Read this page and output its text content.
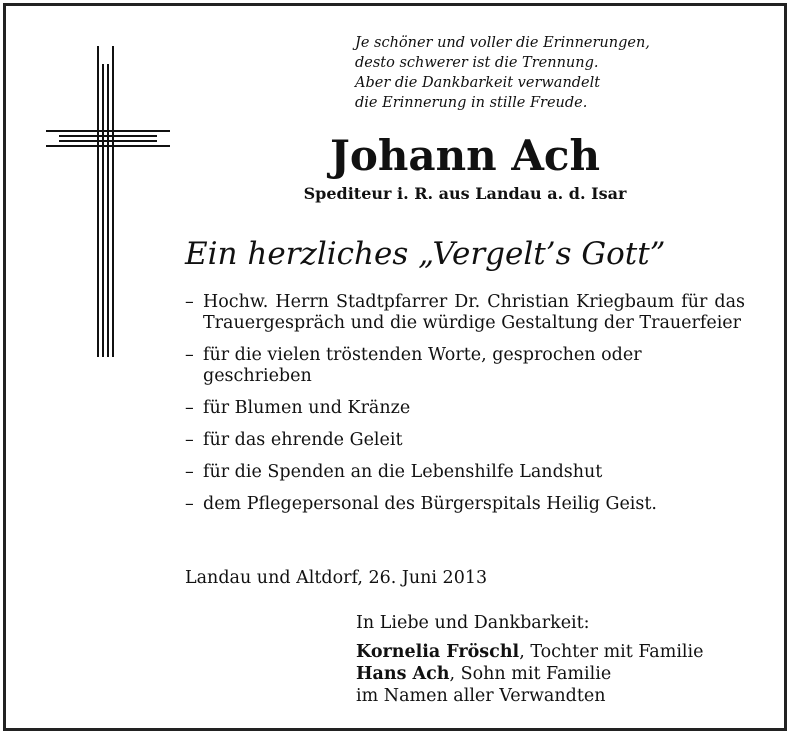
Je schöner und voller die Erinnerungen,
desto schwerer ist die Trennung.
Aber die Dankbarkeit verwandelt
die Erinnerung in stille Freude.
Johann Ach
Spediteur i. R. aus Landau a. d. Isar
Ein herzliches „Vergelt’s Gott”
– Hochw. Herrn Stadtpfarrer Dr. Christian Kriegbaum für das Trauergespräch und die würdige Gestaltung der Trauerfeier
– für die vielen tröstenden Worte, gesprochen oder geschrieben
– für Blumen und Kränze
– für das ehrende Geleit
– für die Spenden an die Lebenshilfe Landshut
– dem Pflegepersonal des Bürgerspitals Heilig Geist.
Landau und Altdorf, 26. Juni 2013
In Liebe und Dankbarkeit:
Kornelia Fröschl, Tochter mit Familie
Hans Ach, Sohn mit Familie
im Namen aller Verwandten
